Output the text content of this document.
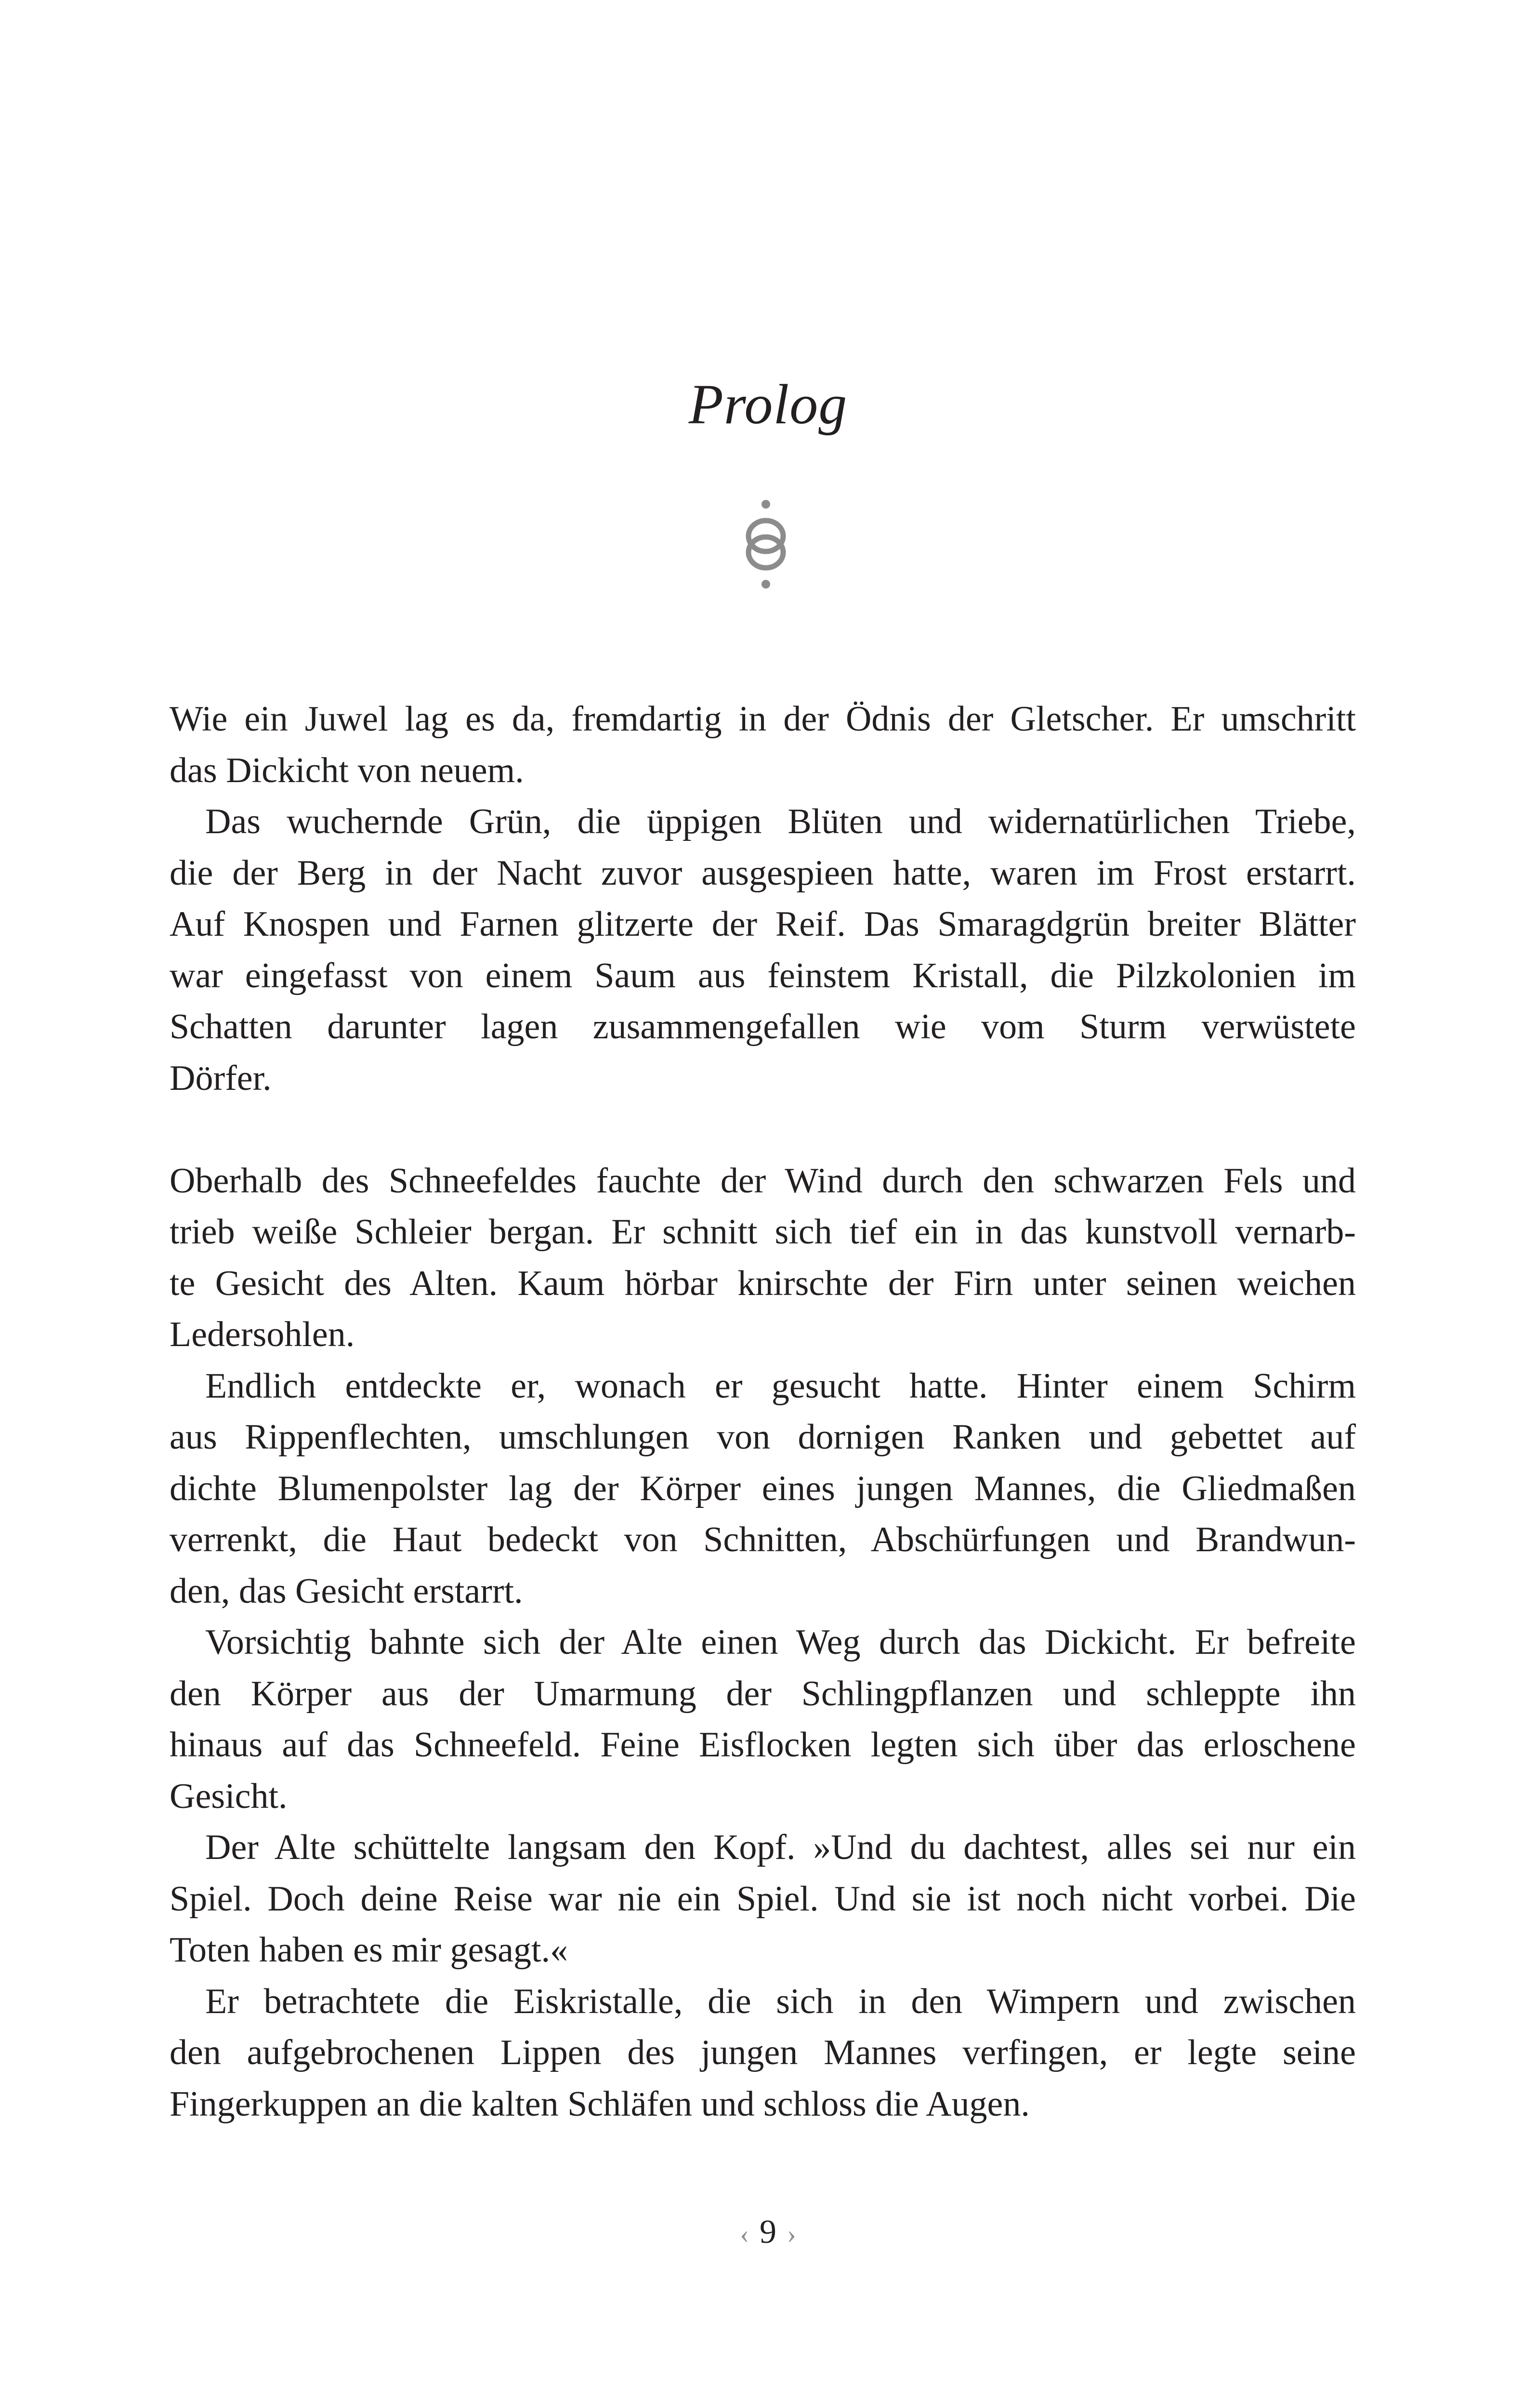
Prolog

Wie ein Juwel lag es da, fremdartig in der Ödnis der Gletscher. Er umschritt
das Dickicht von neuem.

Das wuchernde Grün, die üppigen Blüten und widernatürlichen Triebe,
die der Berg in der Nacht zuvor ausgespieen hatte, waren im Frost erstarrt.
Auf Knospen und Farnen glitzerte der Reif. Das Smaragdgrün breiter Blätter
war eingefasst von einem Saum aus feinstem Kristall, die Pilzkolonien im
Schatten darunter lagen zusammengefallen wie vom Sturm verwüstete
Dörfer.

Oberhalb des Schneefeldes fauchte der Wind durch den schwarzen Fels und
trieb weiße Schleier bergan. Er schnitt sich tief ein in das kunstvoll vernarb-
te Gesicht des Alten. Kaum hörbar knirschte der Firn unter seinen weichen
Ledersohlen.

Endlich entdeckte er, wonach er gesucht hatte. Hinter einem Schirm
aus Rippenflechten, umschlungen von dornigen Ranken und gebettet auf
dichte Blumenpolster lag der Körper eines jungen Mannes, die Gliedmaßen
verrenkt, die Haut bedeckt von Schnitten, Abschürfungen und Brandwun-
den, das Gesicht erstarrt.

Vorsichtig bahnte sich der Alte einen Weg durch das Dickicht. Er befreite
den Körper aus der Umarmung der Schlingpflanzen und schleppte ihn
hinaus auf das Schneefeld. Feine Eisflocken legten sich über das erloschene
Gesicht.

Der Alte schüttelte langsam den Kopf. »Und du dachtest, alles sei nur ein
Spiel. Doch deine Reise war nie ein Spiel. Und sie ist noch nicht vorbei. Die
Toten haben es mir gesagt.«

Er betrachtete die Eiskristalle, die sich in den Wimpern und zwischen
den aufgebrochenen Lippen des jungen Mannes verfingen, er legte seine
Fingerkuppen an die kalten Schläfen und schloss die Augen.

‹ 9 ›
